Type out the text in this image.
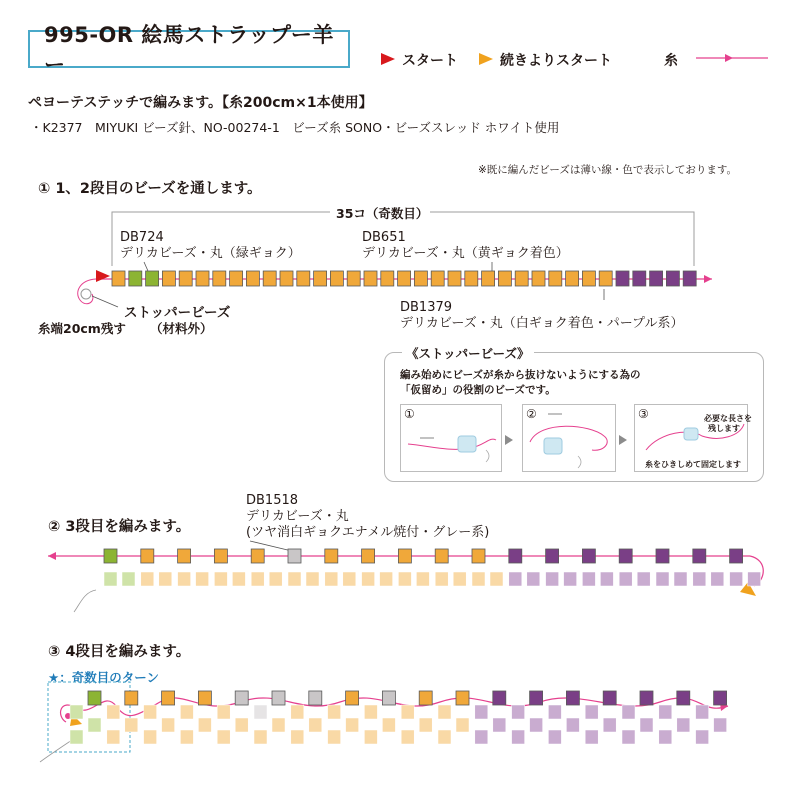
995-OR 絵馬ストラップー羊ー	スタート	続きよりスタート	糸
ペヨーテステッチで編みます。【糸200cm×1本使用】
・K2377　MIYUKI ビーズ針、NO-00274-1　ビーズ糸 SONO・ビーズスレッド ホワイト使用
※既に編んだビーズは薄い線・色で表示しております。
① 1、2段目のビーズを通します。
35コ（奇数目）
DB724
デリカビーズ・丸（緑ギョク）
DB651
デリカビーズ・丸（黄ギョク着色）
DB1379
デリカビーズ・丸（白ギョク着色・パープル系）
ストッパービーズ
糸端20cm残す （材料外）
《ストッパービーズ》
編み始めにビーズが糸から抜けないようにする為の
「仮留め」の役割のビーズです。
①	②	③	必要な長さを
残します
糸をひきしめて固定します
DB1518
デリカビーズ・丸
(ツヤ消白ギョクエナメル焼付・グレー系)
② 3段目を編みます。
③ 4段目を編みます。
★：奇数目のターン
